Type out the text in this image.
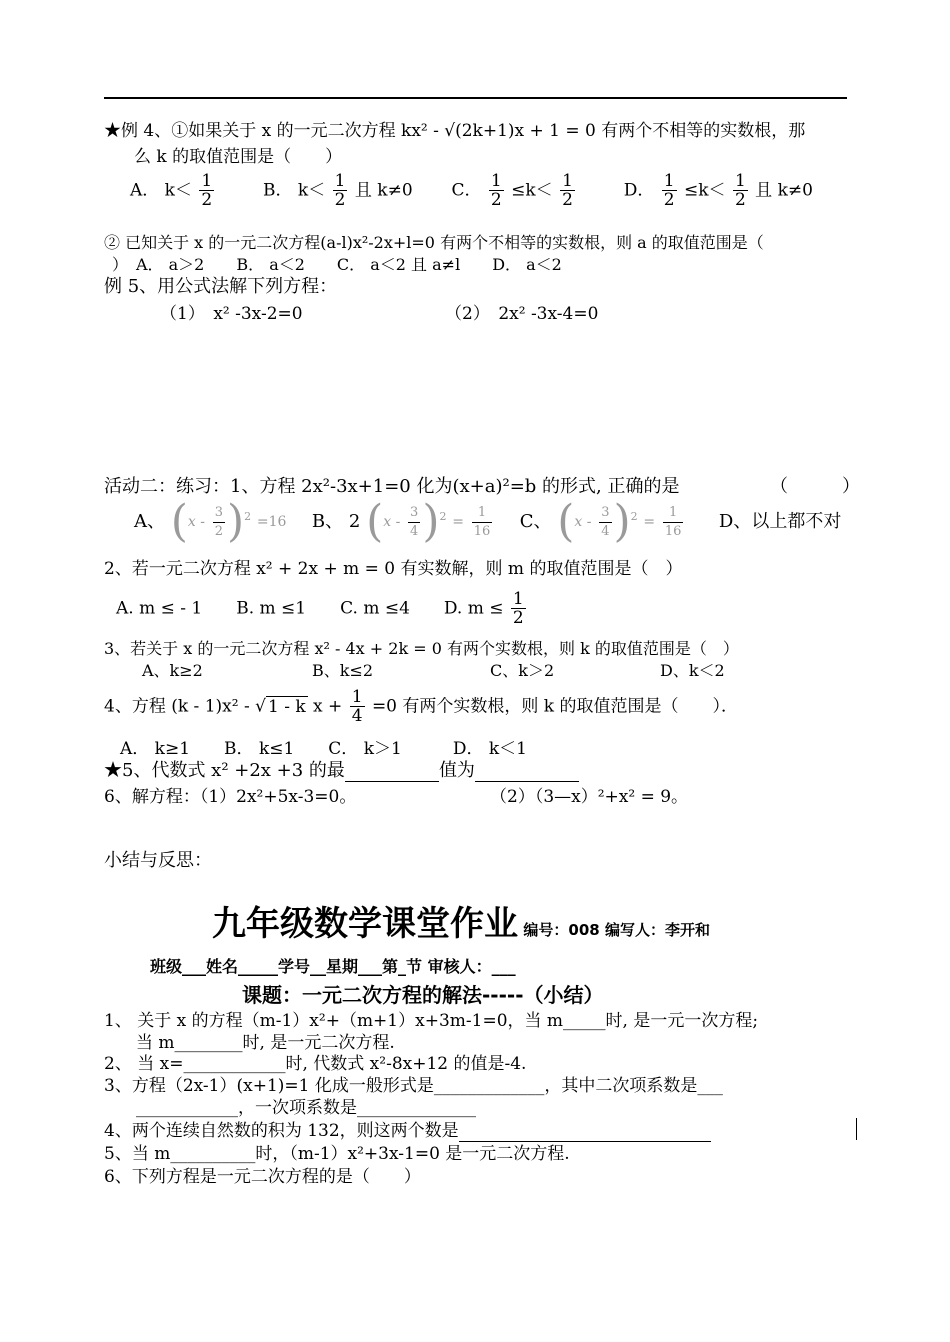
★例 4、①如果关于 x 的一元二次方程 kx² - √(2k+1)x + 1 = 0 有两个不相等的实数根，那
么 k 的取值范围是（　　）
A． $k< \frac{1}{2}$	B． $k< \frac{1}{2}$ 且 k≠0 C． $\frac{1}{2} \le k< \frac{1}{2}$	D． $\frac{1}{2} \le k< \frac{1}{2}$ 且 k≠0
② 已知关于 x 的一元二次方程(a-l)x²-2x+l=0 有两个不相等的实数根，则 a 的取值范围是（
）　A． a＞2　　B． a＜2　　C． a＜2 且 a≠l　　D． a＜2
例 5、用公式法解下列方程：
（1）　x² -3x-2=0	（2）　2x² -3x-4=0
活动二：练习：1、方程 2x²-3x+1=0 化为(x+a)²=b 的形式, 正确的是	（　　　）
A、 $(x - \frac{3}{2} )^2 =16$ B、 2 $(x - \frac{3}{4} )^2 = \frac{1}{16}$ C、 $(x - \frac{3}{4} )^2 = \frac{1}{16}$ D、以上都不对
2、若一元二次方程 x² + 2x + m = 0 有实数解，则 m 的取值范围是（　）
A. m ≤ - 1　　B. m ≤1　　C. m ≤4　　D. $m \le \frac{1}{2}$
3、若关于 x 的一元二次方程 x² - 4x + 2k = 0 有两个实数根，则 k 的取值范围是（　）
A、k≥2	B、k≤2	C、k＞2	D、k＜2
4、方程 (k - 1)x² - √ 1 - k $x + \frac{1}{4} =0$ 有两个实数根，则 k 的取值范围是（　　）．
A． k≥1　　B． k≤1　　C． k＞1　　　D． k＜1
★5、代数式 x² +2x +3 的最	值为
6、解方程：（1）2x²+5x-3=0。	（2）（3—x）²+x² = 9。
小结与反思：
九年级数学课堂作业 编号：008 编写人：李开和
班级___姓名_____学号__星期___第_节 审核人：___
课题：一元二次方程的解法-----（小结）
1、 关于 x 的方程（m-1）x²+（m+1）x+3m-1=0，当 m_____时, 是一元一次方程;
当 m________时, 是一元二次方程.
2、 当 x=____________时, 代数式 x²-8x+12 的值是-4.
3、方程（2x-1）(x+1)=1 化成一般形式是_____________，其中二次项系数是___
____________，一次项系数是______________
4、两个连续自然数的积为 132，则这两个数是
5、当 m__________时，（m-1）x²+3x-1=0 是一元二次方程.
6、下列方程是一元二次方程的是（　　）
